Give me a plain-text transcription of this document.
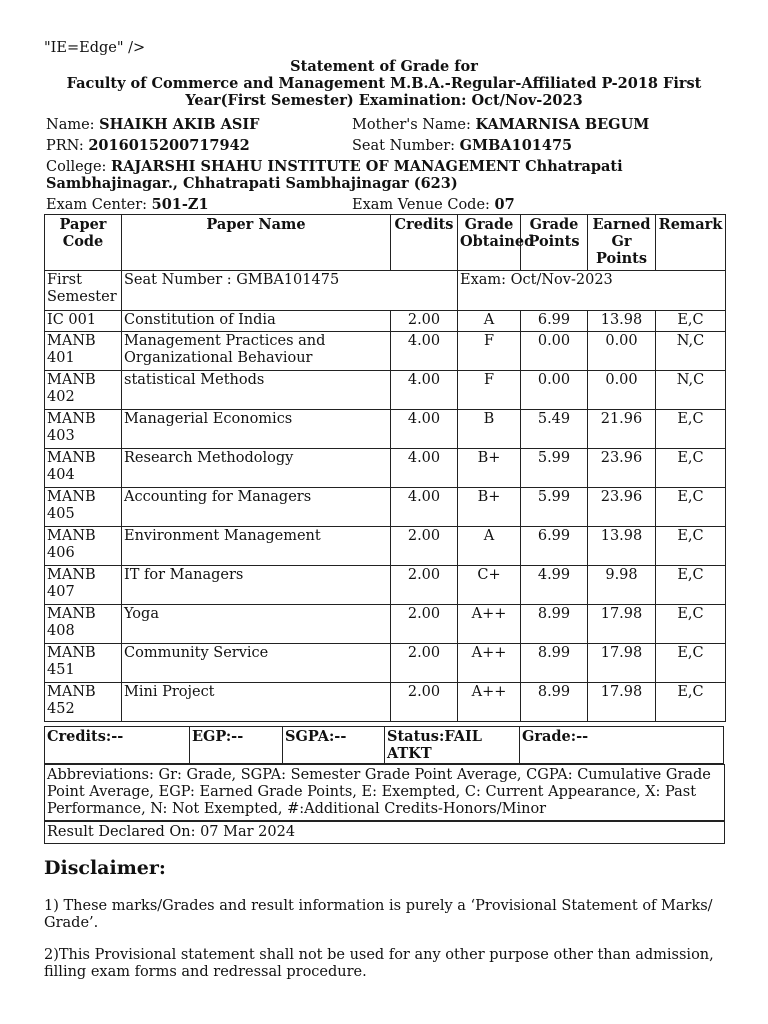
"IE=Edge" />
Statement of Grade for
Faculty of Commerce and Management M.B.A.-Regular-Affiliated P-2018 First
Year(First Semester) Examination: Oct/Nov-2023
Name: SHAIKH AKIB ASIF	Mother's Name: KAMARNISA BEGUM
PRN: 2016015200717942	Seat Number: GMBA101475
College: RAJARSHI SHAHU INSTITUTE OF MANAGEMENT Chhatrapati
Sambhajinagar., Chhatrapati Sambhajinagar (623)
Exam Center: 501-Z1	Exam Venue Code: 07
Paper Code	Paper Name	Credits	Grade Obtained	Grade Points	Earned Gr Points	Remark
First Semester	Seat Number : GMBA101475		Exam: Oct/Nov-2023			
IC 001	Constitution of India	2.00	A	6.99	13.98	E,C
MANB 401	Management Practices and Organizational Behaviour	4.00	F	0.00	0.00	N,C
MANB 402	statistical Methods	4.00	F	0.00	0.00	N,C
MANB 403	Managerial Economics	4.00	B	5.49	21.96	E,C
MANB 404	Research Methodology	4.00	B+	5.99	23.96	E,C
MANB 405	Accounting for Managers	4.00	B+	5.99	23.96	E,C
MANB 406	Environment Management	2.00	A	6.99	13.98	E,C
MANB 407	IT for Managers	2.00	C+	4.99	9.98	E,C
MANB 408	Yoga	2.00	A++	8.99	17.98	E,C
MANB 451	Community Service	2.00	A++	8.99	17.98	E,C
MANB 452	Mini Project	2.00	A++	8.99	17.98	E,C
Credits:--	EGP:--	SGPA:--	Status:FAIL ATKT
Grade:--
Abbreviations: Gr: Grade, SGPA: Semester Grade Point Average, CGPA: Cumulative Grade Point Average, EGP: Earned Grade Points, E: Exempted, C: Current Appearance, X: Past Performance, N: Not Exempted, #:Additional Credits-Honors/Minor
Result Declared On: 07 Mar 2024
Disclaimer:
1) These marks/Grades and result information is purely a ‘Provisional Statement of Marks/ Grade’.
2)This Provisional statement shall not be used for any other purpose other than admission, filling exam forms and redressal procedure.
